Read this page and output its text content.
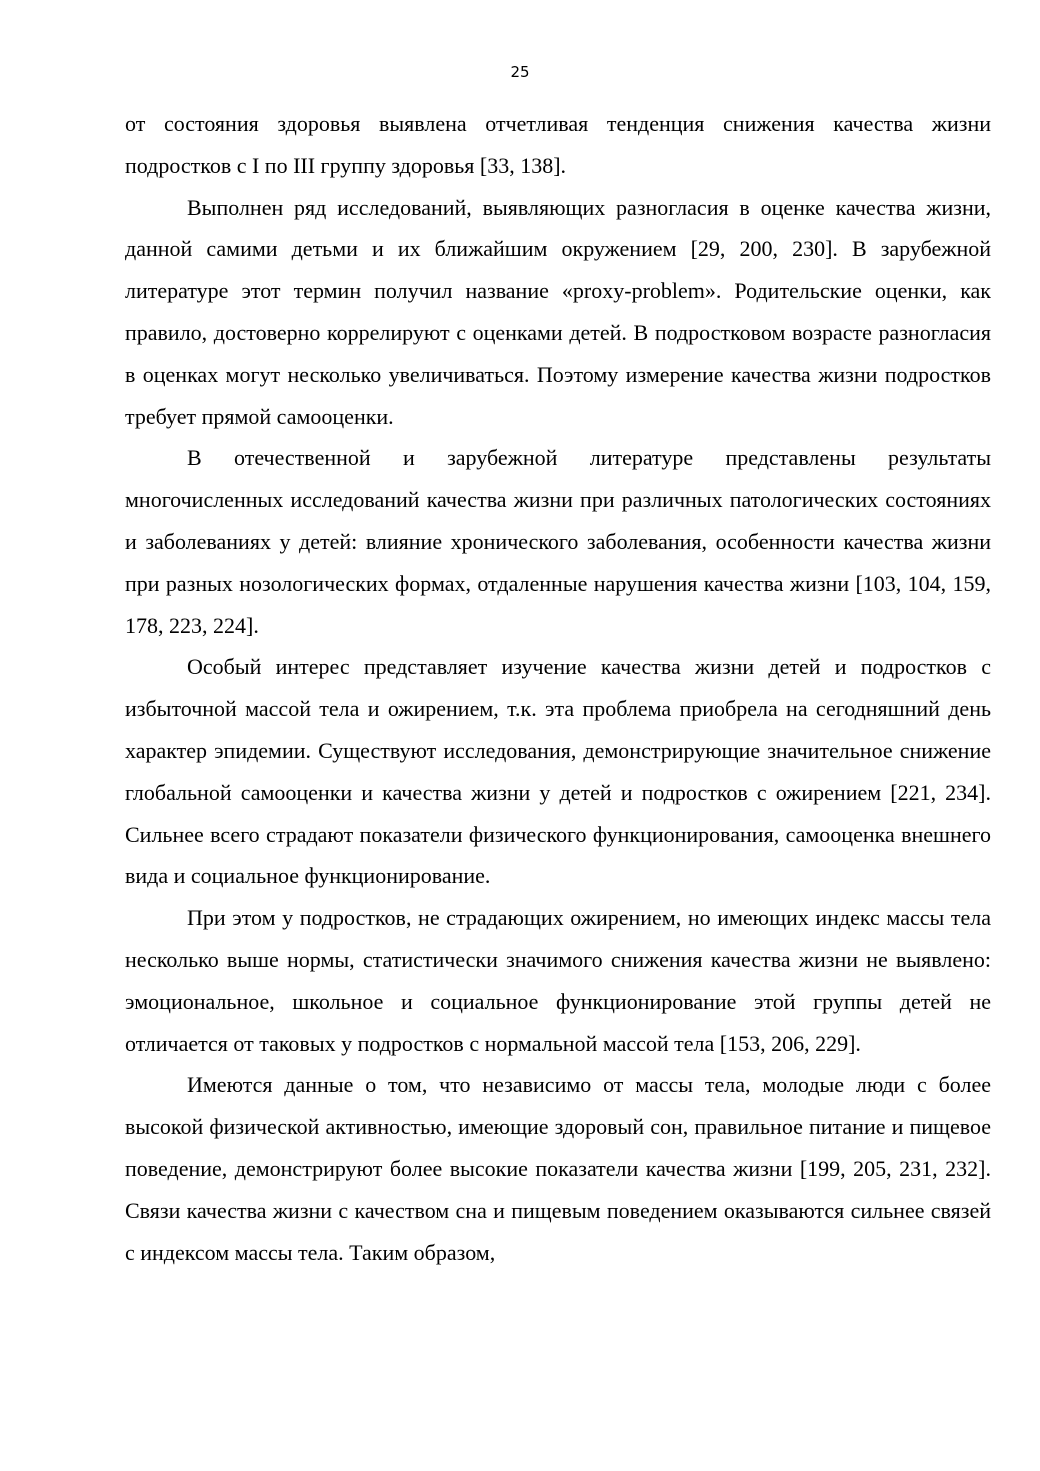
25

от состояния здоровья выявлена отчетливая тенденция снижения качества жизни подростков с I по III группу здоровья [33, 138].

Выполнен ряд исследований, выявляющих разногласия в оценке качества жизни, данной самими детьми и их ближайшим окружением [29, 200, 230]. В зарубежной литературе этот термин получил название «proxy-problem». Родительские оценки, как правило, достоверно коррелируют с оценками детей. В подростковом возрасте разногласия в оценках могут несколько увеличиваться. Поэтому измерение качества жизни подростков требует прямой самооценки.

В отечественной и зарубежной литературе представлены результаты многочисленных исследований качества жизни при различных патологических состояниях и заболеваниях у детей: влияние хронического заболевания, особенности качества жизни при разных нозологических формах, отдаленные нарушения качества жизни [103, 104, 159, 178, 223, 224].

Особый интерес представляет изучение качества жизни детей и подростков с избыточной массой тела и ожирением, т.к. эта проблема приобрела на сегодняшний день характер эпидемии. Существуют исследования, демонстрирующие значительное снижение глобальной самооценки и качества жизни у детей и подростков с ожирением [221, 234]. Сильнее всего страдают показатели физического функционирования, самооценка внешнего вида и социальное функционирование.

При этом у подростков, не страдающих ожирением, но имеющих индекс массы тела несколько выше нормы, статистически значимого снижения качества жизни не выявлено: эмоциональное, школьное и социальное функционирование этой группы детей не отличается от таковых у подростков с нормальной массой тела [153, 206, 229].

Имеются данные о том, что независимо от массы тела, молодые люди с более высокой физической активностью, имеющие здоровый сон, правильное питание и пищевое поведение, демонстрируют более высокие показатели качества жизни [199, 205, 231, 232]. Связи качества жизни с качеством сна и пищевым поведением оказываются сильнее связей с индексом массы тела. Таким образом,
